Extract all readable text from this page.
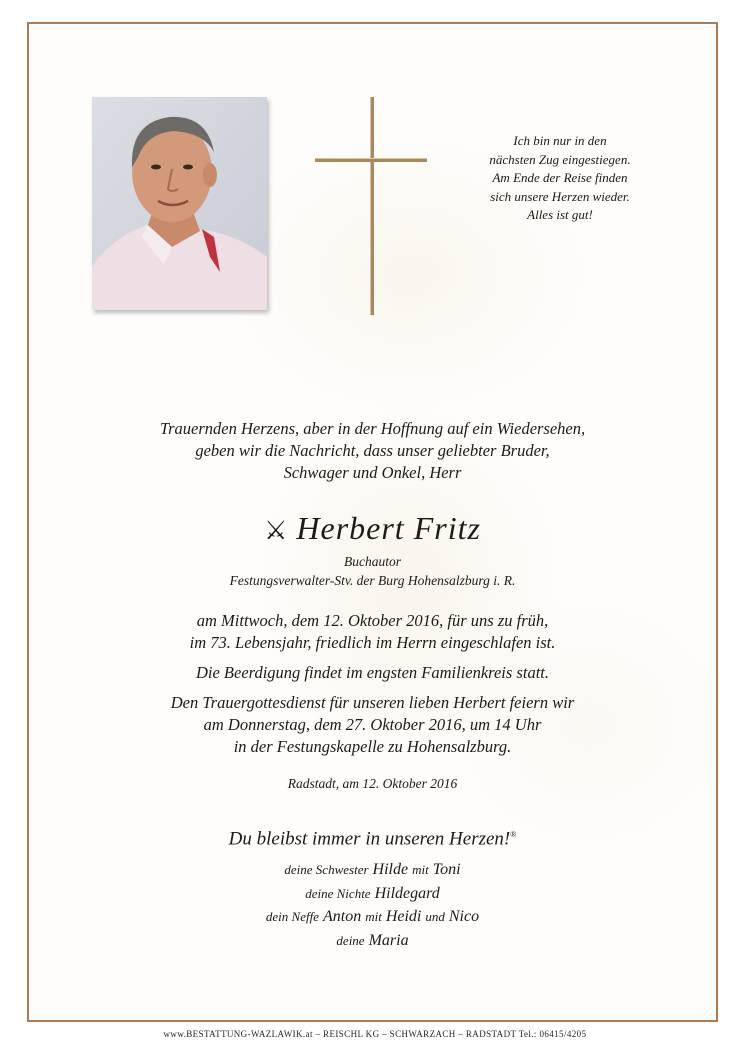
Ich bin nur in den
nächsten Zug eingestiegen.
Am Ende der Reise finden
sich unsere Herzen wieder.
Alles ist gut!
Trauernden Herzens, aber in der Hoffnung auf ein Wiedersehen,
geben wir die Nachricht, dass unser geliebter Bruder,
Schwager und Onkel, Herr
⚔ Herbert Fritz
Buchautor
Festungsverwalter-Stv. der Burg Hohensalzburg i. R.
am Mittwoch, dem 12. Oktober 2016, für uns zu früh,
im 73. Lebensjahr, friedlich im Herrn eingeschlafen ist.
Die Beerdigung findet im engsten Familienkreis statt.
Den Trauergottesdienst für unseren lieben Herbert feiern wir
am Donnerstag, dem 27. Oktober 2016, um 14 Uhr
in der Festungskapelle zu Hohensalzburg.
Radstadt, am 12. Oktober 2016
Du bleibst immer in unseren Herzen!®
deine Schwester Hilde mit Toni
deine Nichte Hildegard
dein Neffe Anton mit Heidi und Nico
deine Maria
www.BESTATTUNG-WAZLAWIK.at – REISCHL KG – SCHWARZACH – RADSTADT Tel.: 06415/4205
